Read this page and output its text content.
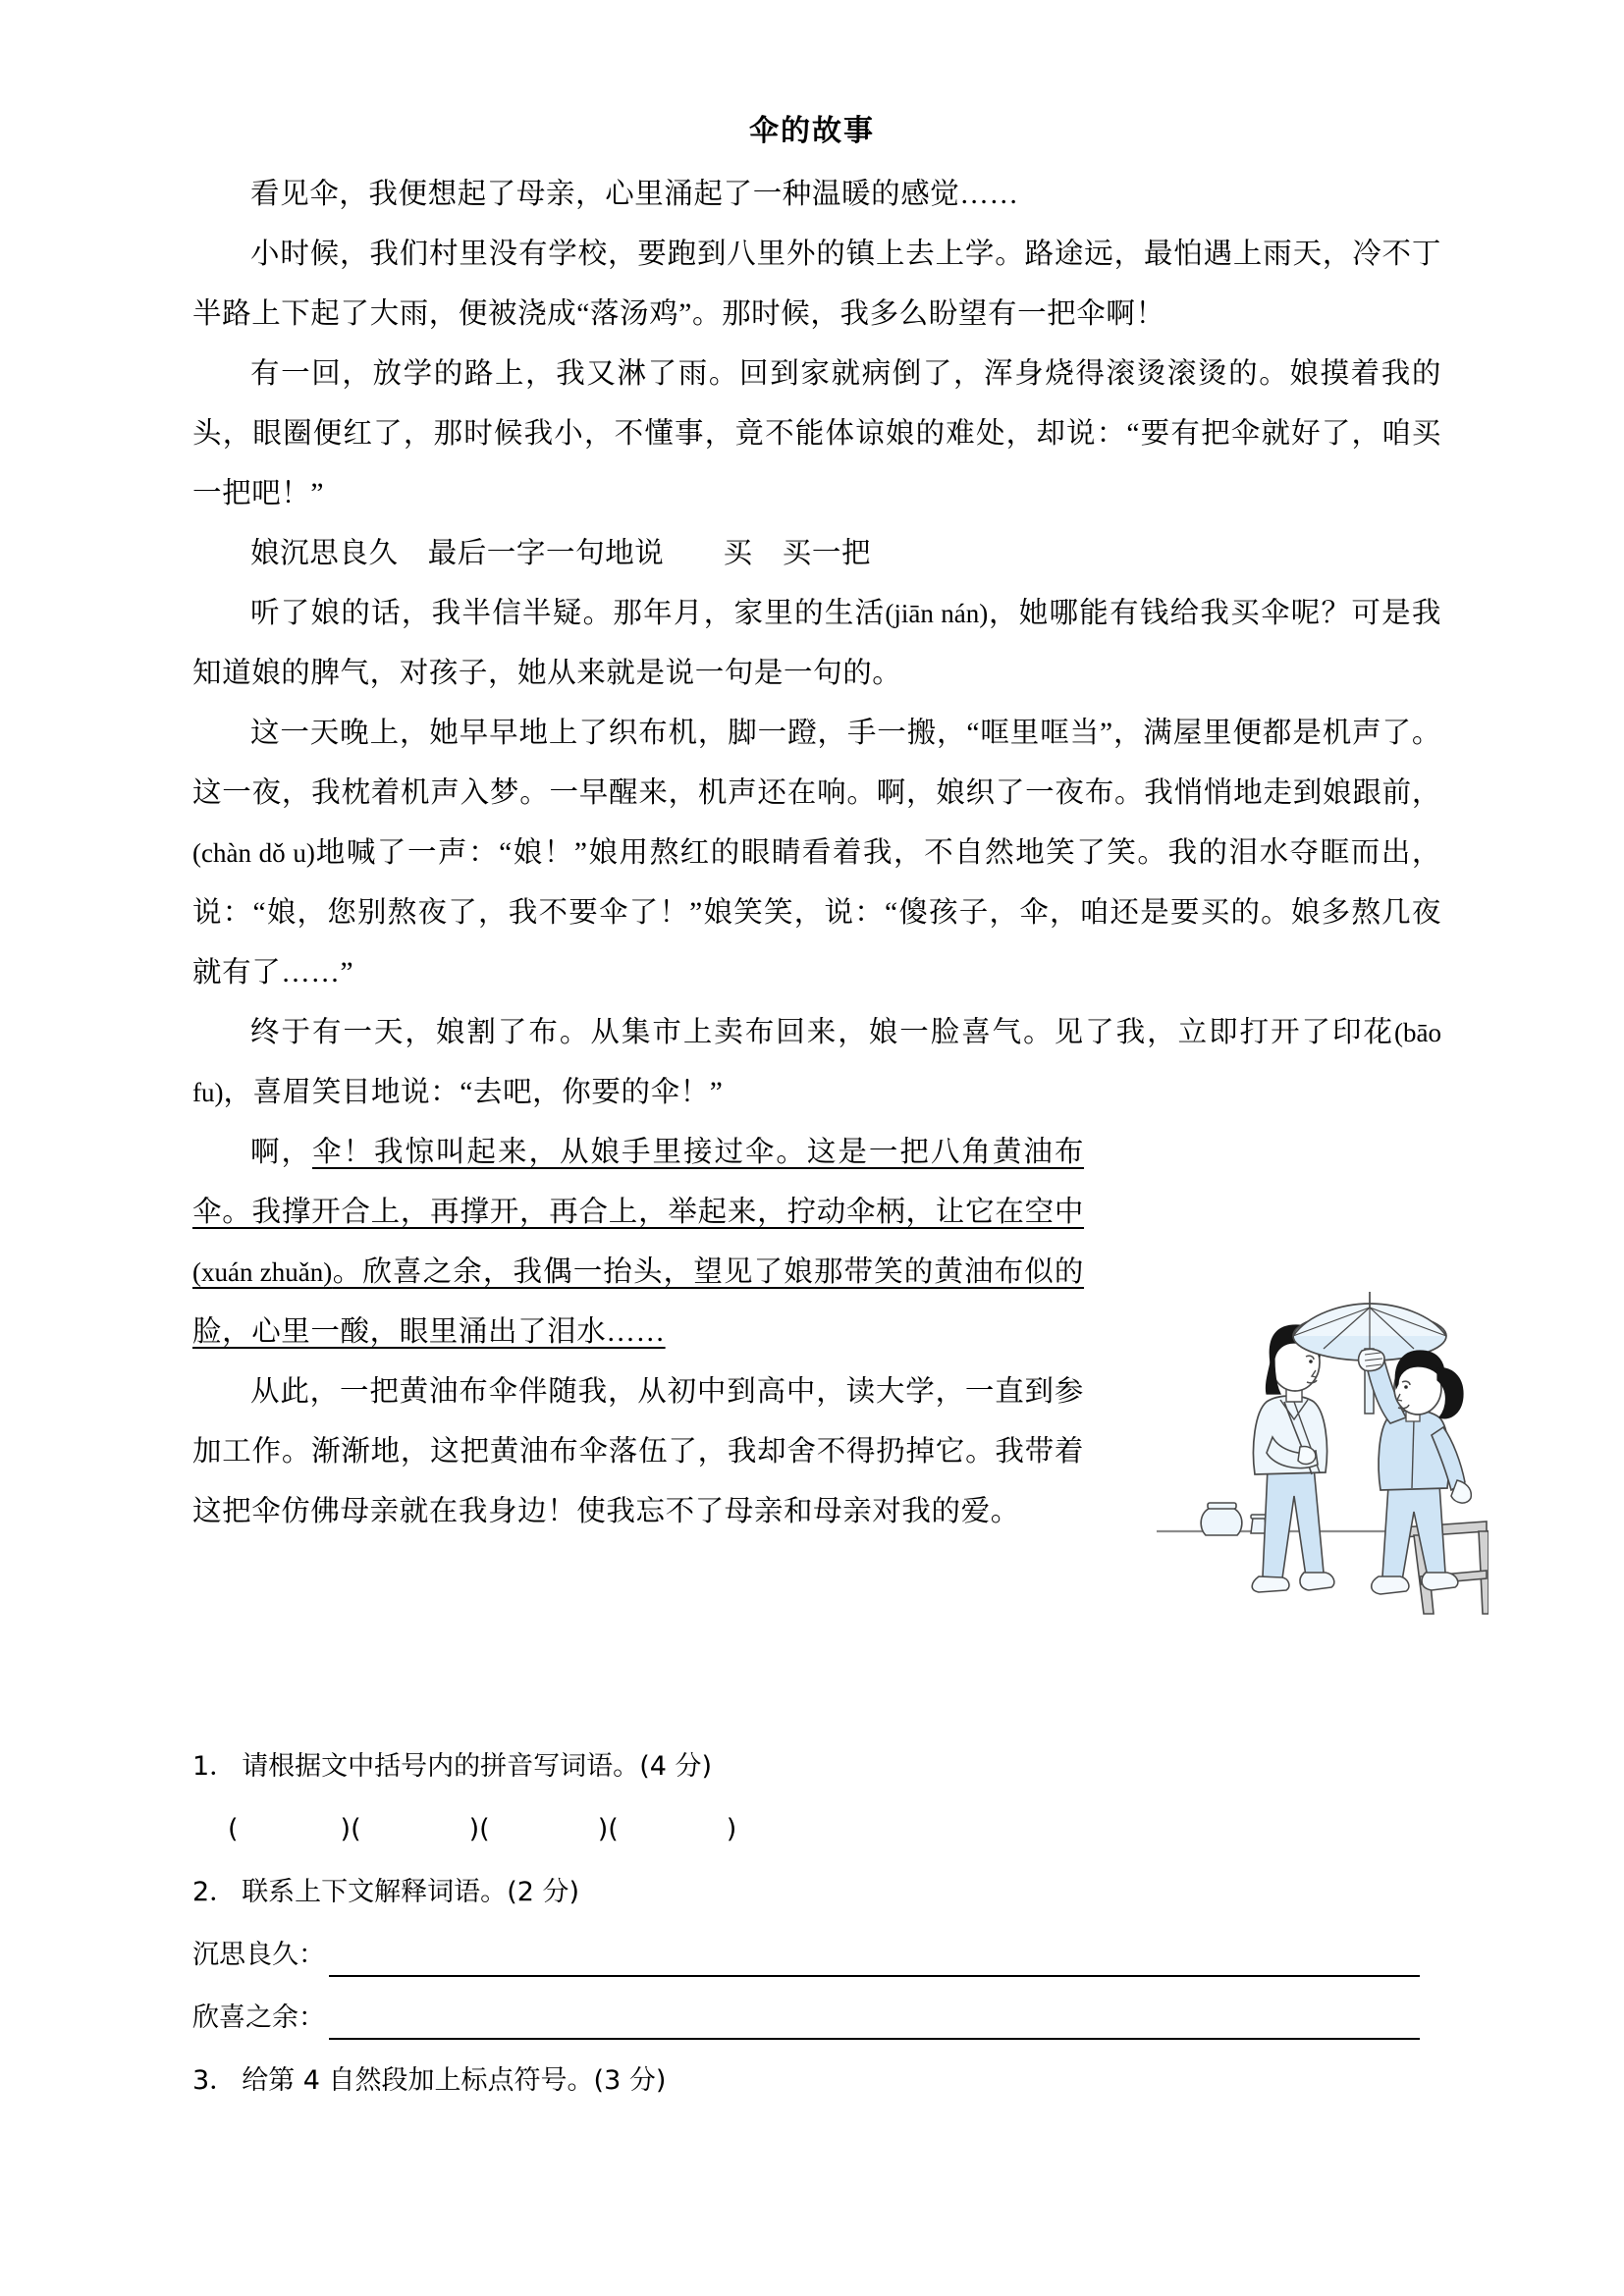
伞的故事

看见伞，我便想起了母亲，心里涌起了一种温暖的感觉……

小时候，我们村里没有学校，要跑到八里外的镇上去上学。路途远，最怕遇上雨天，冷不丁半路上下起了大雨，便被浇成“落汤鸡”。那时候，我多么盼望有一把伞啊！

有一回，放学的路上，我又淋了雨。回到家就病倒了，浑身烧得滚烫滚烫的。娘摸着我的头，眼圈便红了，那时候我小，不懂事，竟不能体谅娘的难处，却说：“要有把伞就好了，咱买一把吧！”

娘沉思良久　最后一字一句地说　　买　买一把

听了娘的话，我半信半疑。那年月，家里的生活(jiān nán)，她哪能有钱给我买伞呢？可是我知道娘的脾气，对孩子，她从来就是说一句是一句的。

这一天晚上，她早早地上了织布机，脚一蹬，手一搬，“哐里哐当”，满屋里便都是机声了。这一夜，我枕着机声入梦。一早醒来，机声还在响。啊，娘织了一夜布。我悄悄地走到娘跟前，(chàn dǒ u)地喊了一声：“娘！”娘用熬红的眼睛看着我，不自然地笑了笑。我的泪水夺眶而出，说：“娘，您别熬夜了，我不要伞了！”娘笑笑，说：“傻孩子，伞，咱还是要买的。娘多熬几夜就有了……”

终于有一天，娘割了布。从集市上卖布回来，娘一脸喜气。见了我，立即打开了印花(bāo fu)，喜眉笑目地说：“去吧，你要的伞！”

啊，伞！我惊叫起来，从娘手里接过伞。这是一把八角黄油布伞。我撑开合上，再撑开，再合上，举起来，拧动伞柄，让它在空中(xuán zhuǎn)。欣喜之余，我偶一抬头，望见了娘那带笑的黄油布似的脸，心里一酸，眼里涌出了泪水……

从此，一把黄油布伞伴随我，从初中到高中，读大学，一直到参加工作。渐渐地，这把黄油布伞落伍了，我却舍不得扔掉它。我带着这把伞仿佛母亲就在我身边！使我忘不了母亲和母亲对我的爱。

1． 请根据文中括号内的拼音写词语。(4 分)
(	)(	)(	)(	)
2． 联系上下文解释词语。(2 分)
沉思良久：
欣喜之余：
3． 给第 4 自然段加上标点符号。(3 分)
